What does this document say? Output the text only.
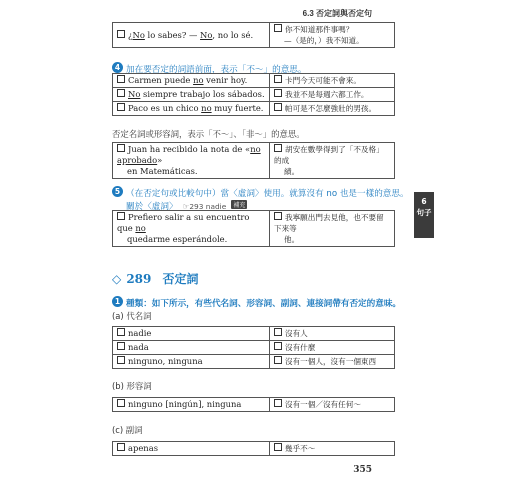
6.3 否定詞與否定句
¿No lo sabes? — No, no lo sé.	你不知道那件事嗎？
—（是的，）我不知道。
4 加在要否定的詞語前面，表示「不～」的意思。
Carmen puede no venir hoy.	卡門今天可能不會來。
No siempre trabajo los sábados.	我並不是每週六都工作。
Paco es un chico no muy fuerte.	帕可是不怎麼強壯的男孩。
否定名詞或形容詞，表示「不～」、「非～」的意思。
Juan ha recibido la nota de «no aprobado»
en Matemáticas.	胡安在數學得到了「不及格」的成
績。
5 （在否定句或比較句中）當〈虛詞〉使用。就算沒有 no 也是一樣的意思。
關於〈虛詞〉 ☞293 nadie 補充
Prefiero salir a su encuentro que no
quedarme esperándole.	我寧願出門去見他，也不要留下來等
他。
6
句子
◇ 289 否定詞
1 種類：如下所示，有些代名詞、形容詞、副詞、連接詞帶有否定的意味。
(a) 代名詞
nadie	沒有人
nada	沒有什麼
ninguno, ninguna	沒有一個人，沒有一個東西
(b) 形容詞
ninguno [ningún], ninguna	沒有一個／沒有任何～
(c) 副詞
apenas	幾乎不～
355
